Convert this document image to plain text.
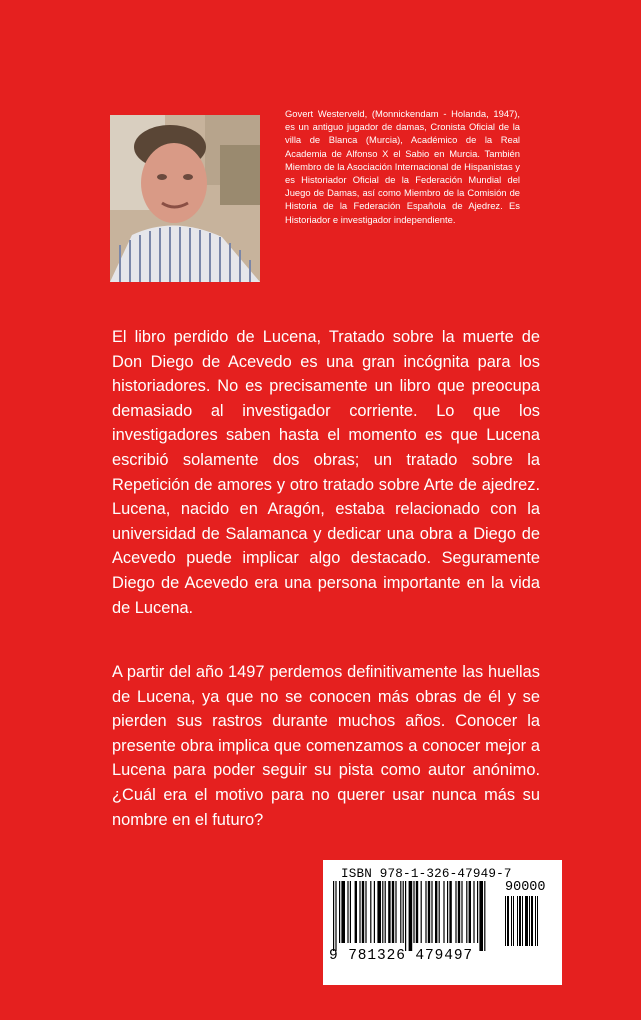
Govert Westerveld, (Monnickendam - Holanda, 1947), es un antiguo jugador de damas, Cronista Oficial de la villa de Blanca (Murcia), Académico de la Real Academia de Alfonso X el Sabio en Murcia. También Miembro de la Asociación Internacional de Hispanistas y es Historiador Oficial de la Federación Mundial del Juego de Damas, así como Miembro de la Comisión de Historia de la Federación Española de Ajedrez. Es Historiador e investigador independiente.

El libro perdido de Lucena, Tratado sobre la muerte de Don Diego de Acevedo es una gran incógnita para los historiadores. No es precisamente un libro que preocupa demasiado al investigador corriente. Lo que los investigadores saben hasta el momento es que Lucena escribió solamente dos obras; un tratado sobre la Repetición de amores y otro tratado sobre Arte de ajedrez. Lucena, nacido en Aragón, estaba relacionado con la universidad de Salamanca y dedicar una obra a Diego de Acevedo puede implicar algo destacado. Seguramente Diego de Acevedo era una persona importante en la vida de Lucena.

A partir del año 1497 perdemos definitivamente las huellas de Lucena, ya que no se conocen más obras de él y se pierden sus rastros durante muchos años. Conocer la presente obra implica que comenzamos a conocer mejor a Lucena para poder seguir su pista como autor anónimo. ¿Cuál era el motivo para no querer usar nunca más su nombre en el futuro?

ISBN 978-1-326-47949-7
90000
9 781326 479497
